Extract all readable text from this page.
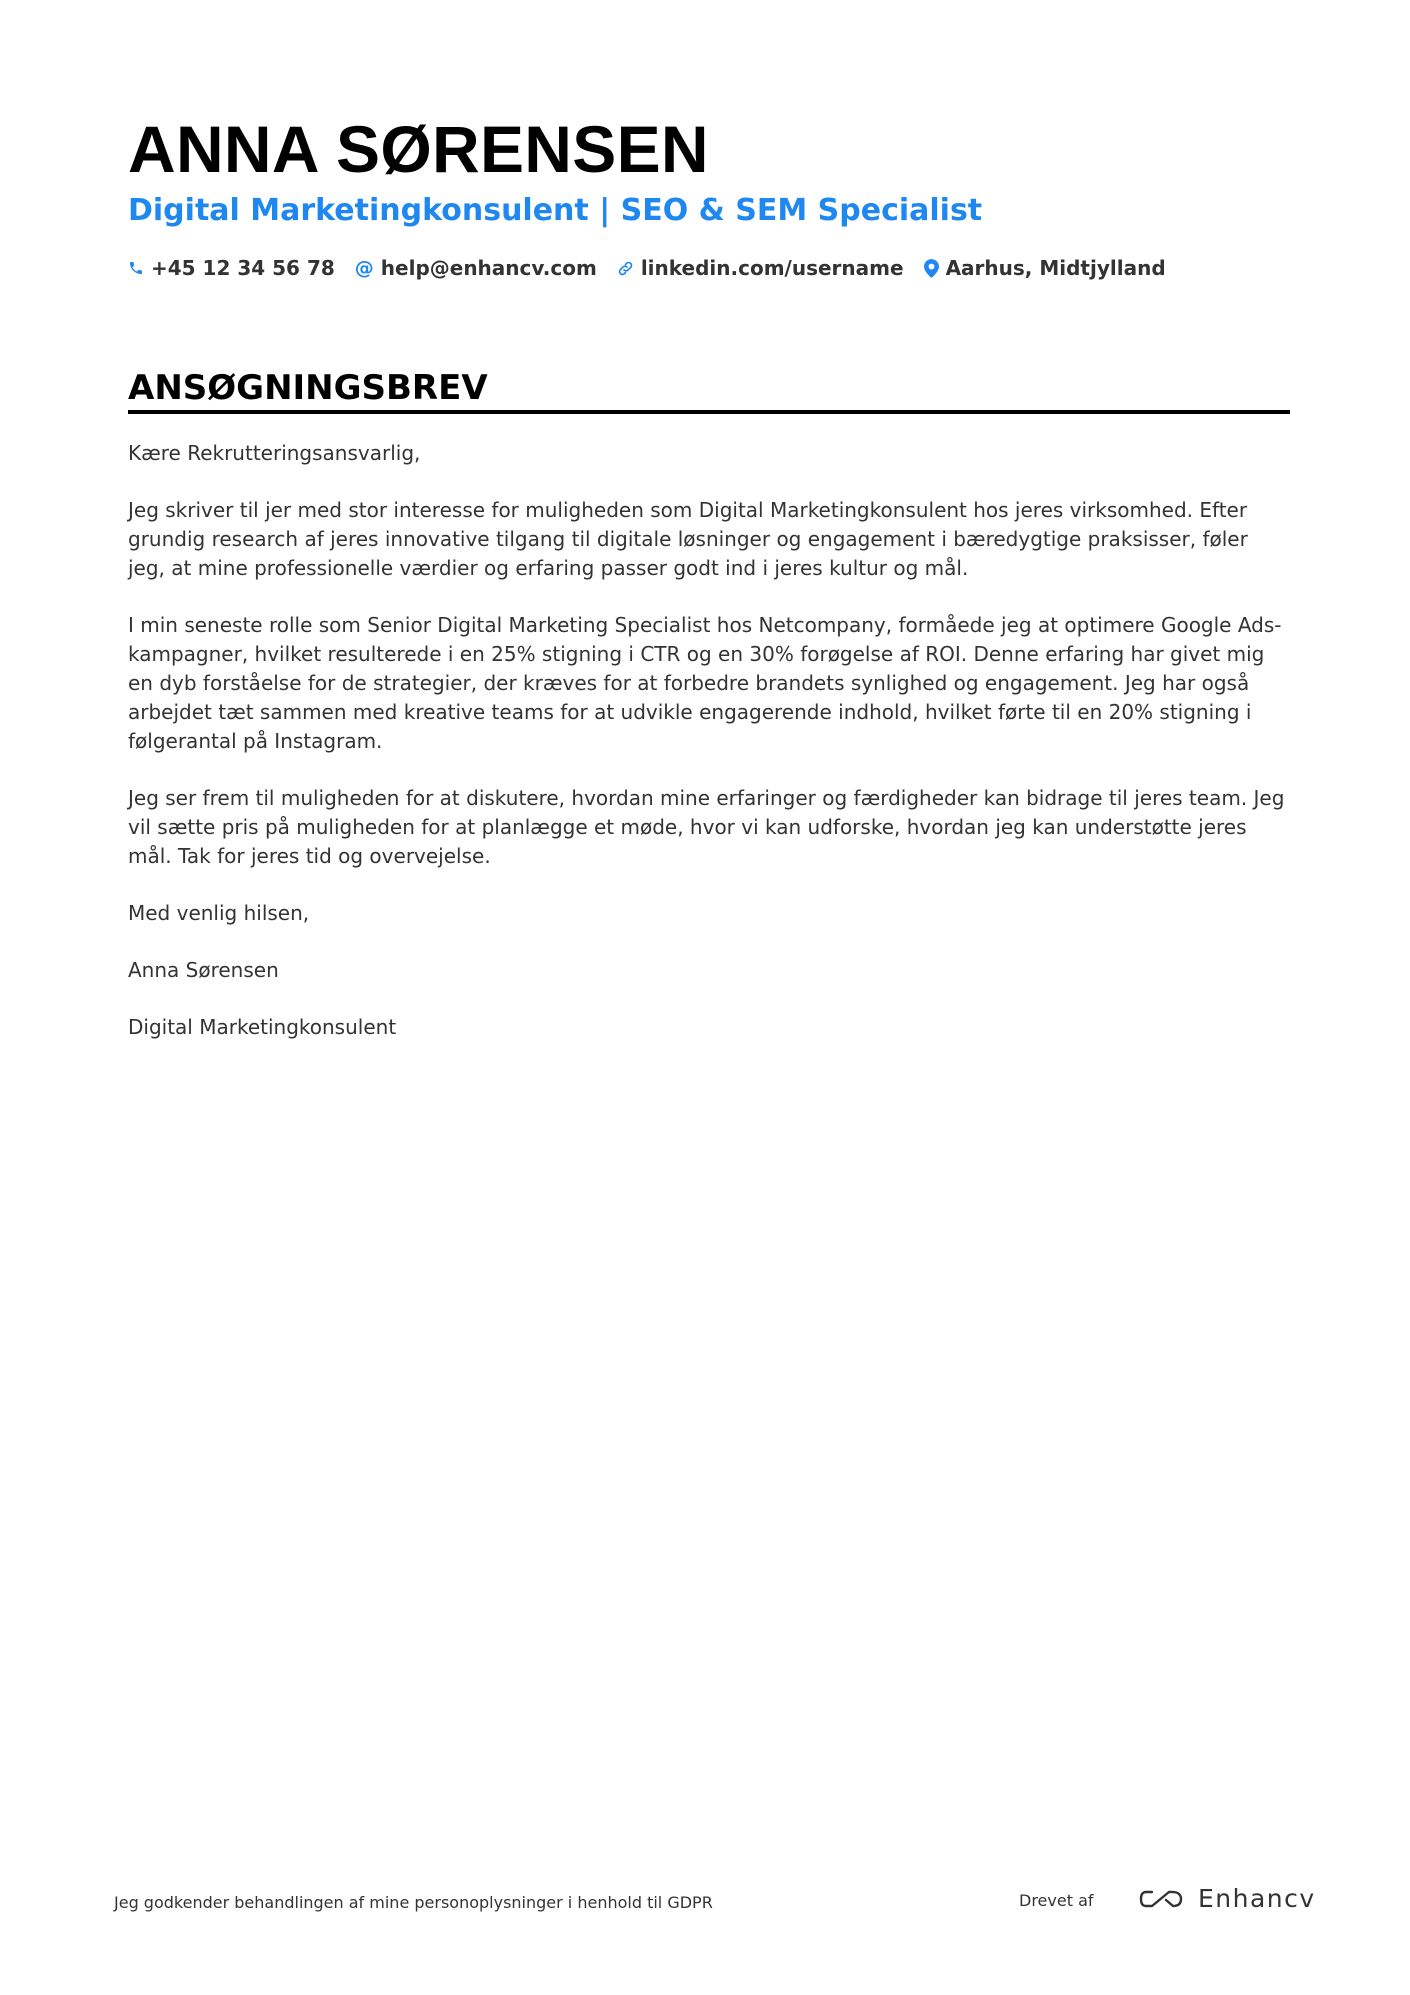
ANNA SØRENSEN
Digital Marketingkonsulent | SEO & SEM Specialist
+45 12 34 56 78 @ help@enhancv.com linkedin.com/username Aarhus, Midtjylland
ANSØGNINGSBREV

Kære Rekrutteringsansvarlig,

Jeg skriver til jer med stor interesse for muligheden som Digital Marketingkonsulent hos jeres virksomhed. Efter grundig research af jeres innovative tilgang til digitale løsninger og engagement i bæredygtige praksisser, føler jeg, at mine professionelle værdier og erfaring passer godt ind i jeres kultur og mål.

I min seneste rolle som Senior Digital Marketing Specialist hos Netcompany, formåede jeg at optimere Google Ads-kampagner, hvilket resulterede i en 25% stigning i CTR og en 30% forøgelse af ROI. Denne erfaring har givet mig en dyb forståelse for de strategier, der kræves for at forbedre brandets synlighed og engagement. Jeg har også arbejdet tæt sammen med kreative teams for at udvikle engagerende indhold, hvilket førte til en 20% stigning i følgerantal på Instagram.

Jeg ser frem til muligheden for at diskutere, hvordan mine erfaringer og færdigheder kan bidrage til jeres team. Jeg vil sætte pris på muligheden for at planlægge et møde, hvor vi kan udforske, hvordan jeg kan understøtte jeres mål. Tak for jeres tid og overvejelse.

Med venlig hilsen,

Anna Sørensen

Digital Marketingkonsulent

Jeg godkender behandlingen af mine personoplysninger i henhold til GDPR	Drevet af	Enhancv
